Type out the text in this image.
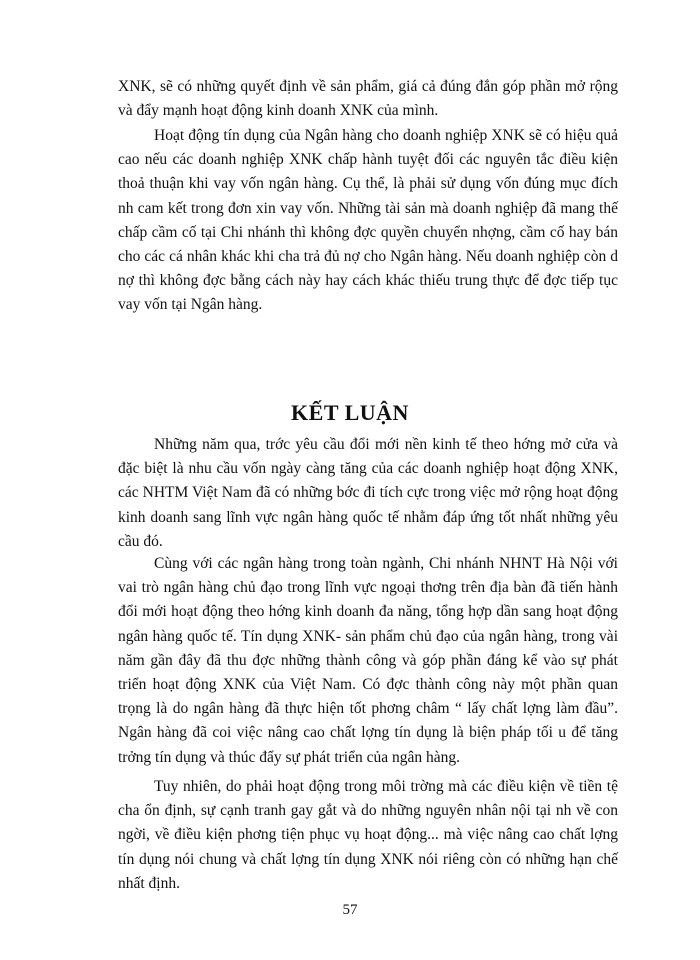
XNK, sẽ có những quyết định về sản phẩm, giá cả đúng đắn góp phần mở rộng và đẩy mạnh hoạt động kinh doanh XNK của mình.

Hoạt động tín dụng của Ngân hàng cho doanh nghiệp XNK sẽ có hiệu quả cao nếu các doanh nghiệp XNK chấp hành tuyệt đối các nguyên tắc điều kiện thoả thuận khi vay vốn ngân hàng. Cụ thể, là phải sử dụng vốn đúng mục đích nh cam kết trong đơn xin vay vốn. Những tài sản mà doanh nghiệp đã mang thế chấp cầm cố tại Chi nhánh thì không đợc quyền chuyển nhợng, cầm cố hay bán cho các cá nhân khác khi cha trả đủ nợ cho Ngân hàng. Nếu doanh nghiệp còn d nợ thì không đợc bằng cách này hay cách khác thiếu trung thực để đợc tiếp tục vay vốn tại Ngân hàng.

KẾT LUẬN

Những năm qua, trớc yêu cầu đổi mới nền kinh tế theo hớng mở cửa và đặc biệt là nhu cầu vốn ngày càng tăng của các doanh nghiệp hoạt động XNK, các NHTM Việt Nam đã có những bớc đi tích cực trong việc mở rộng hoạt động kinh doanh sang lĩnh vực ngân hàng quốc tế nhằm đáp ứng tốt nhất những yêu cầu đó.

Cùng với các ngân hàng trong toàn ngành, Chi nhánh NHNT Hà Nội với vai trò ngân hàng chủ đạo trong lĩnh vực ngoại thơng trên địa bàn đã tiến hành đổi mới hoạt động theo hớng kinh doanh đa năng, tổng hợp dần sang hoạt động ngân hàng quốc tế. Tín dụng XNK- sản phẩm chủ đạo của ngân hàng, trong vài năm gần đây đã thu đợc những thành công và góp phần đáng kể vào sự phát triển hoạt động XNK của Việt Nam. Có đợc thành công này một phần quan trọng là do ngân hàng đã thực hiện tốt phơng châm “ lấy chất lợng làm đầu”. Ngân hàng đã coi việc nâng cao chất lợng tín dụng là biện pháp tối u để tăng trởng tín dụng và thúc đẩy sự phát triển của ngân hàng.

Tuy nhiên, do phải hoạt động trong môi trờng mà các điều kiện về tiền tệ cha ổn định, sự cạnh tranh gay gắt và do những nguyên nhân nội tại nh về con ngời, về điều kiện phơng tiện phục vụ hoạt động... mà việc nâng cao chất lợng tín dụng nói chung và chất lợng tín dụng XNK nói riêng còn có những hạn chế nhất định.

57
